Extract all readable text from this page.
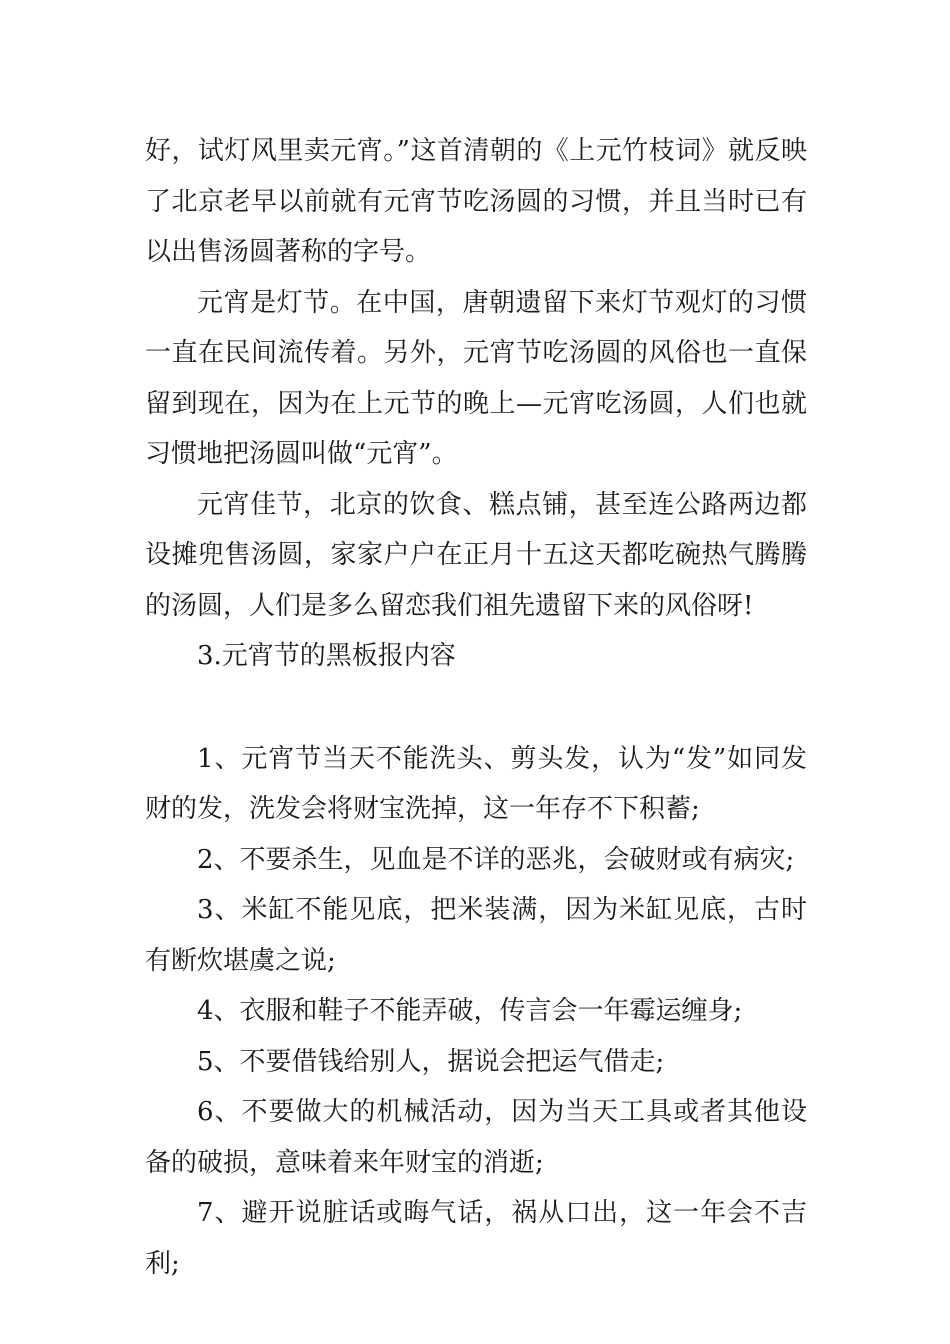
好，试灯风里卖元宵。”这首清朝的《上元竹枝词》就反映了北京老早以前就有元宵节吃汤圆的习惯，并且当时已有以出售汤圆著称的字号。

元宵是灯节。在中国，唐朝遗留下来灯节观灯的习惯一直在民间流传着。另外，元宵节吃汤圆的风俗也一直保留到现在，因为在上元节的晚上—元宵吃汤圆，人们也就习惯地把汤圆叫做“元宵”。

元宵佳节，北京的饮食、糕点铺，甚至连公路两边都设摊兜售汤圆，家家户户在正月十五这天都吃碗热气腾腾的汤圆，人们是多么留恋我们祖先遗留下来的风俗呀!

3.元宵节的黑板报内容

1、元宵节当天不能洗头、剪头发，认为“发”如同发财的发，洗发会将财宝洗掉，这一年存不下积蓄;

2、不要杀生，见血是不详的恶兆，会破财或有病灾;

3、米缸不能见底，把米装满，因为米缸见底，古时有断炊堪虞之说;

4、衣服和鞋子不能弄破，传言会一年霉运缠身;

5、不要借钱给别人，据说会把运气借走;

6、不要做大的机械活动，因为当天工具或者其他设备的破损，意味着来年财宝的消逝;

7、避开说脏话或晦气话，祸从口出，这一年会不吉利;
